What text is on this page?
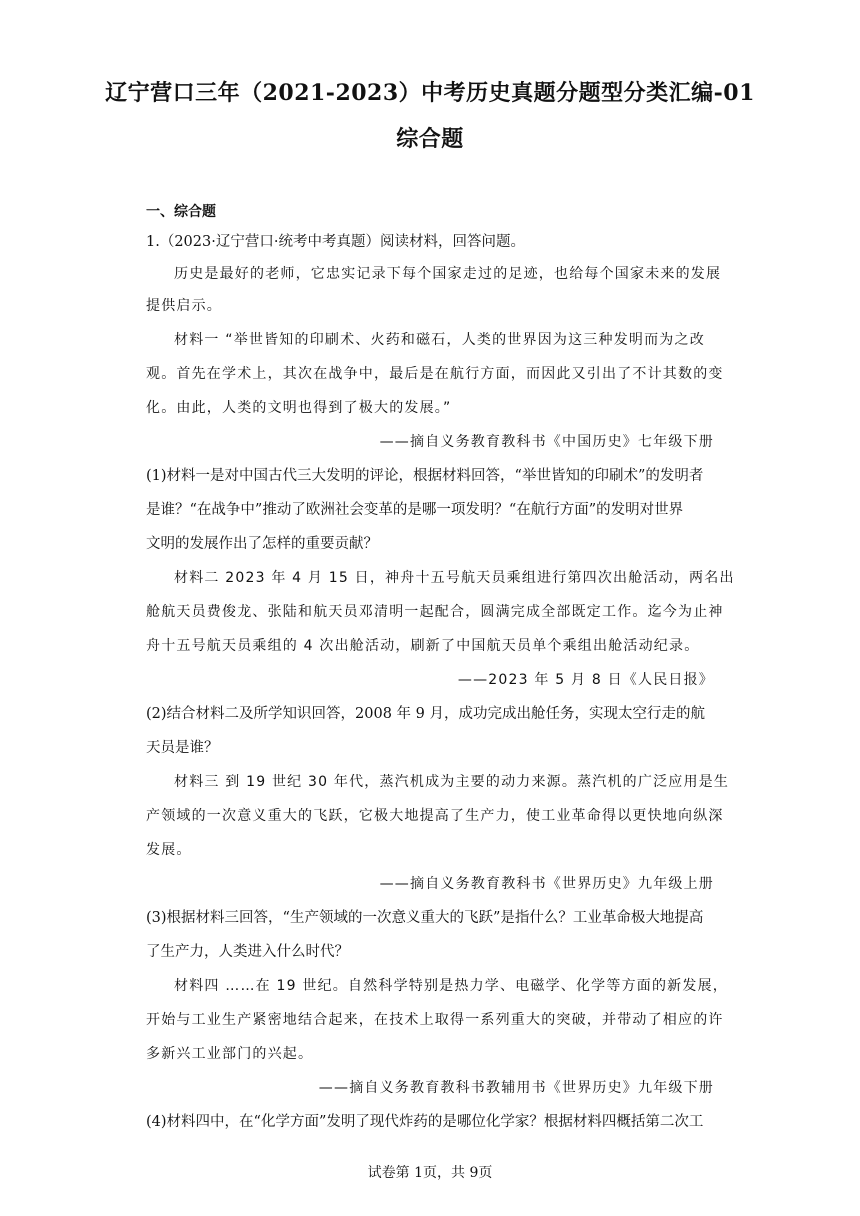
辽宁营口三年（2021-2023）中考历史真题分题型分类汇编-01
综合题
一、综合题
1.（2023·辽宁营口·统考中考真题）阅读材料，回答问题。
历史是最好的老师，它忠实记录下每个国家走过的足迹，也给每个国家未来的发展
提供启示。
材料一 “举世皆知的印刷术、火药和磁石，人类的世界因为这三种发明而为之改
观。首先在学术上，其次在战争中，最后是在航行方面，而因此又引出了不计其数的变
化。由此，人类的文明也得到了极大的发展。”
——摘自义务教育教科书《中国历史》七年级下册
(1)材料一是对中国古代三大发明的评论，根据材料回答，“举世皆知的印刷术”的发明者
是谁？“在战争中”推动了欧洲社会变革的是哪一项发明？“在航行方面”的发明对世界
文明的发展作出了怎样的重要贡献？
材料二 2023 年 4 月 15 日，神舟十五号航天员乘组进行第四次出舱活动，两名出
舱航天员费俊龙、张陆和航天员邓清明一起配合，圆满完成全部既定工作。迄今为止神
舟十五号航天员乘组的 4 次出舱活动，刷新了中国航天员单个乘组出舱活动纪录。
——2023 年 5 月 8 日《人民日报》
(2)结合材料二及所学知识回答，2008 年 9 月，成功完成出舱任务，实现太空行走的航
天员是谁？
材料三 到 19 世纪 30 年代，蒸汽机成为主要的动力来源。蒸汽机的广泛应用是生
产领域的一次意义重大的飞跃，它极大地提高了生产力，使工业革命得以更快地向纵深
发展。
——摘自义务教育教科书《世界历史》九年级上册
(3)根据材料三回答，“生产领域的一次意义重大的飞跃”是指什么？工业革命极大地提高
了生产力，人类进入什么时代？
材料四 ……在 19 世纪。自然科学特别是热力学、电磁学、化学等方面的新发展，
开始与工业生产紧密地结合起来，在技术上取得一系列重大的突破，并带动了相应的许
多新兴工业部门的兴起。
——摘自义务教育教科书教辅用书《世界历史》九年级下册
(4)材料四中，在“化学方面”发明了现代炸药的是哪位化学家？根据材料四概括第二次工
试卷第 1页，共 9页
